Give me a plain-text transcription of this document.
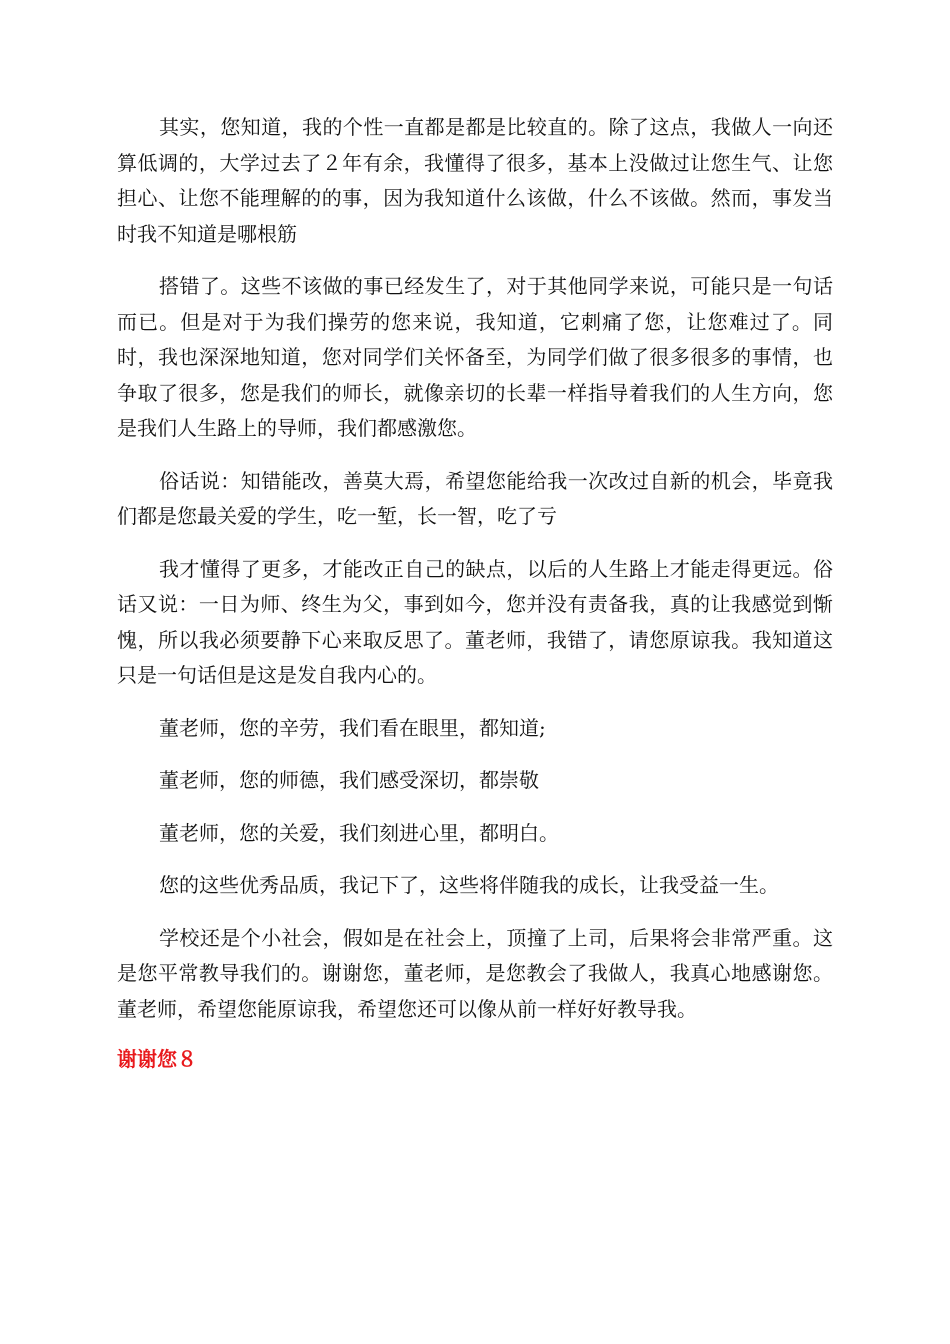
其实，您知道，我的个性一直都是都是比较直的。除了这点，我做人一向还算低调的，大学过去了２年有余，我懂得了很多，基本上没做过让您生气、让您担心、让您不能理解的的事，因为我知道什么该做，什么不该做。然而，事发当时我不知道是哪根筋

搭错了。这些不该做的事已经发生了，对于其他同学来说，可能只是一句话而已。但是对于为我们操劳的您来说，我知道，它刺痛了您，让您难过了。同时，我也深深地知道，您对同学们关怀备至，为同学们做了很多很多的事情，也争取了很多，您是我们的师长，就像亲切的长辈一样指导着我们的人生方向，您是我们人生路上的导师，我们都感激您。

俗话说：知错能改，善莫大焉，希望您能给我一次改过自新的机会，毕竟我们都是您最关爱的学生，吃一堑，长一智，吃了亏

我才懂得了更多，才能改正自己的缺点，以后的人生路上才能走得更远。俗话又说：一日为师、终生为父，事到如今，您并没有责备我，真的让我感觉到惭愧，所以我必须要静下心来取反思了。董老师，我错了，请您原谅我。我知道这只是一句话但是这是发自我内心的。

董老师，您的辛劳，我们看在眼里，都知道;

董老师，您的师德，我们感受深切，都崇敬

董老师，您的关爱，我们刻进心里，都明白。

您的这些优秀品质，我记下了，这些将伴随我的成长，让我受益一生。

学校还是个小社会，假如是在社会上，顶撞了上司，后果将会非常严重。这是您平常教导我们的。谢谢您，董老师，是您教会了我做人，我真心地感谢您。董老师，希望您能原谅我，希望您还可以像从前一样好好教导我。

谢谢您８
